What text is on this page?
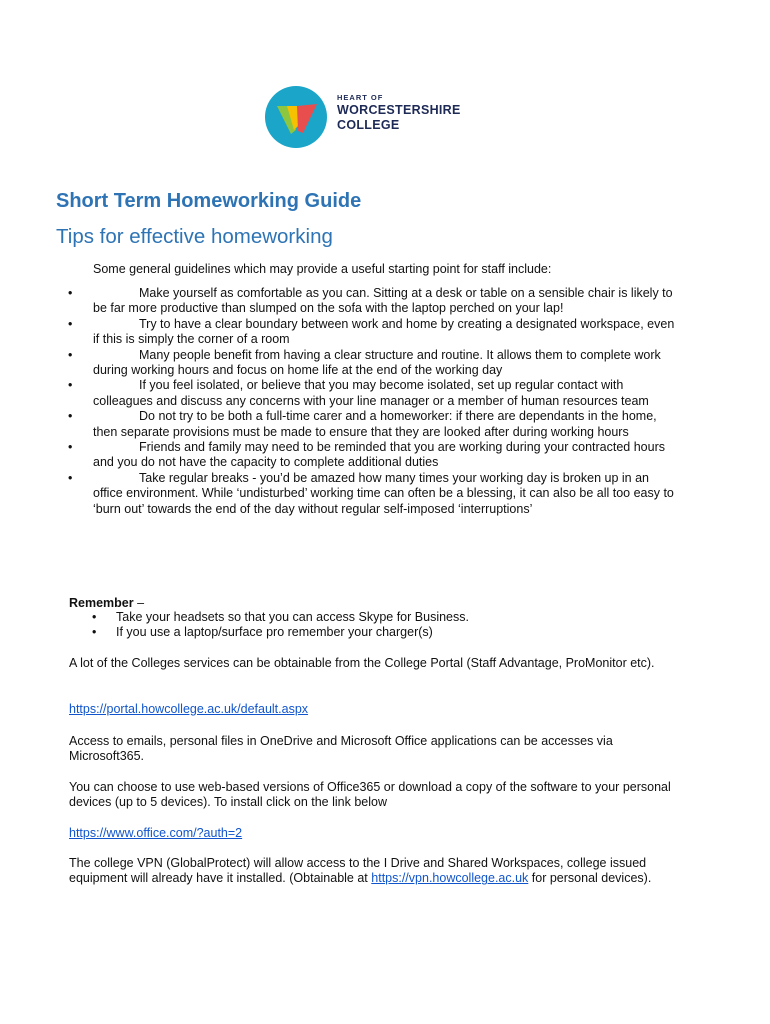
HEART OF
WORCESTERSHIRE
COLLEGE
Short Term Homeworking Guide
Tips for effective homeworking

Some general guidelines which may provide a useful starting point for staff include:

•	Make yourself as comfortable as you can. Sitting at a desk or table on a sensible chair is likely to be far more productive than slumped on the sofa with the laptop perched on your lap!
•	Try to have a clear boundary between work and home by creating a designated workspace, even if this is simply the corner of a room
•	Many people benefit from having a clear structure and routine. It allows them to complete work during working hours and focus on home life at the end of the working day
•	If you feel isolated, or believe that you may become isolated, set up regular contact with colleagues and discuss any concerns with your line manager or a member of human resources team
•	Do not try to be both a full-time carer and a homeworker: if there are dependants in the home, then separate provisions must be made to ensure that they are looked after during working hours
•	Friends and family may need to be reminded that you are working during your contracted hours and you do not have the capacity to complete additional duties
•	Take regular breaks - you’d be amazed how many times your working day is broken up in an office environment. While ‘undisturbed’ working time can often be a blessing, it can also be all too easy to ‘burn out’ towards the end of the day without regular self-imposed ‘interruptions’
Remember –
• Take your headsets so that you can access Skype for Business.
• If you use a laptop/surface pro remember your charger(s)

A lot of the Colleges services can be obtainable from the College Portal (Staff Advantage, ProMonitor etc).

https://portal.howcollege.ac.uk/default.aspx

Access to emails, personal files in OneDrive and Microsoft Office applications can be accesses via Microsoft365.

You can choose to use web-based versions of Office365 or download a copy of the software to your personal devices (up to 5 devices). To install click on the link below

https://www.office.com/?auth=2

The college VPN (GlobalProtect) will allow access to the I Drive and Shared Workspaces, college issued equipment will already have it installed. (Obtainable at https://vpn.howcollege.ac.uk for personal devices).
